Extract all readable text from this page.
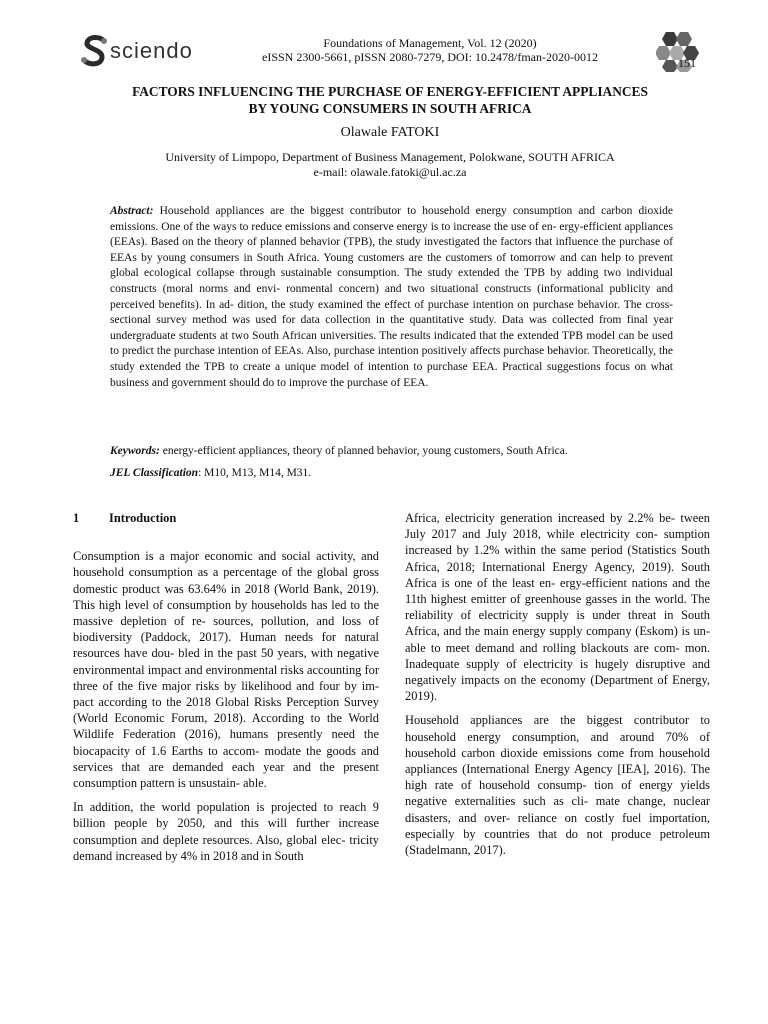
sciendo	Foundations of Management, Vol. 12 (2020)
eISSN 2300-5661, pISSN 2080-7279, DOI: 10.2478/fman-2020-0012	151
FACTORS INFLUENCING THE PURCHASE OF ENERGY-EFFICIENT APPLIANCES
BY YOUNG CONSUMERS IN SOUTH AFRICA
Olawale FATOKI
University of Limpopo, Department of Business Management, Polokwane, SOUTH AFRICA
e-mail: olawale.fatoki@ul.ac.za
Abstract: Household appliances are the biggest contributor to household energy consumption and carbon dioxide emissions. One of the ways to reduce emissions and conserve energy is to increase the use of en- ergy-efficient appliances (EEAs). Based on the theory of planned behavior (TPB), the study investigated the factors that influence the purchase of EEAs by young consumers in South Africa. Young customers are the customers of tomorrow and can help to prevent global ecological collapse through sustainable consumption. The study extended the TPB by adding two individual constructs (moral norms and envi- ronmental concern) and two situational constructs (informational publicity and perceived benefits). In ad- dition, the study examined the effect of purchase intention on purchase behavior. The cross-sectional survey method was used for data collection in the quantitative study. Data was collected from final year undergraduate students at two South African universities. The results indicated that the extended TPB model can be used to predict the purchase intention of EEAs. Also, purchase intention positively affects purchase behavior. Theoretically, the study extended the TPB to create a unique model of intention to purchase EEA. Practical suggestions focus on what business and government should do to improve the purchase of EEA.
Keywords: energy-efficient appliances, theory of planned behavior, young customers, South Africa.
JEL Classification: M10, M13, M14, M31.
1 Introduction

Consumption is a major economic and social activity, and household consumption as a percentage of the global gross domestic product was 63.64% in 2018 (World Bank, 2019). This high level of consumption by households has led to the massive depletion of re- sources, pollution, and loss of biodiversity (Paddock, 2017). Human needs for natural resources have dou- bled in the past 50 years, with negative environmental impact and environmental risks accounting for three of the five major risks by likelihood and four by im- pact according to the 2018 Global Risks Perception Survey (World Economic Forum, 2018). According to the World Wildlife Federation (2016), humans presently need the biocapacity of 1.6 Earths to accom- modate the goods and services that are demanded each year and the present consumption pattern is unsustain- able.

In addition, the world population is projected to reach 9 billion people by 2050, and this will further increase consumption and deplete resources. Also, global elec- tricity demand increased by 4% in 2018 and in South

Africa, electricity generation increased by 2.2% be- tween July 2017 and July 2018, while electricity con- sumption increased by 1.2% within the same period (Statistics South Africa, 2018; International Energy Agency, 2019). South Africa is one of the least en- ergy-efficient nations and the 11th highest emitter of greenhouse gasses in the world. The reliability of electricity supply is under threat in South Africa, and the main energy supply company (Eskom) is un- able to meet demand and rolling blackouts are com- mon. Inadequate supply of electricity is hugely disruptive and negatively impacts on the economy (Department of Energy, 2019).

Household appliances are the biggest contributor to household energy consumption, and around 70% of household carbon dioxide emissions come from household appliances (International Energy Agency [IEA], 2016). The high rate of household consump- tion of energy yields negative externalities such as cli- mate change, nuclear disasters, and over- reliance on costly fuel importation, especially by countries that do not produce petroleum (Stadelmann, 2017).
